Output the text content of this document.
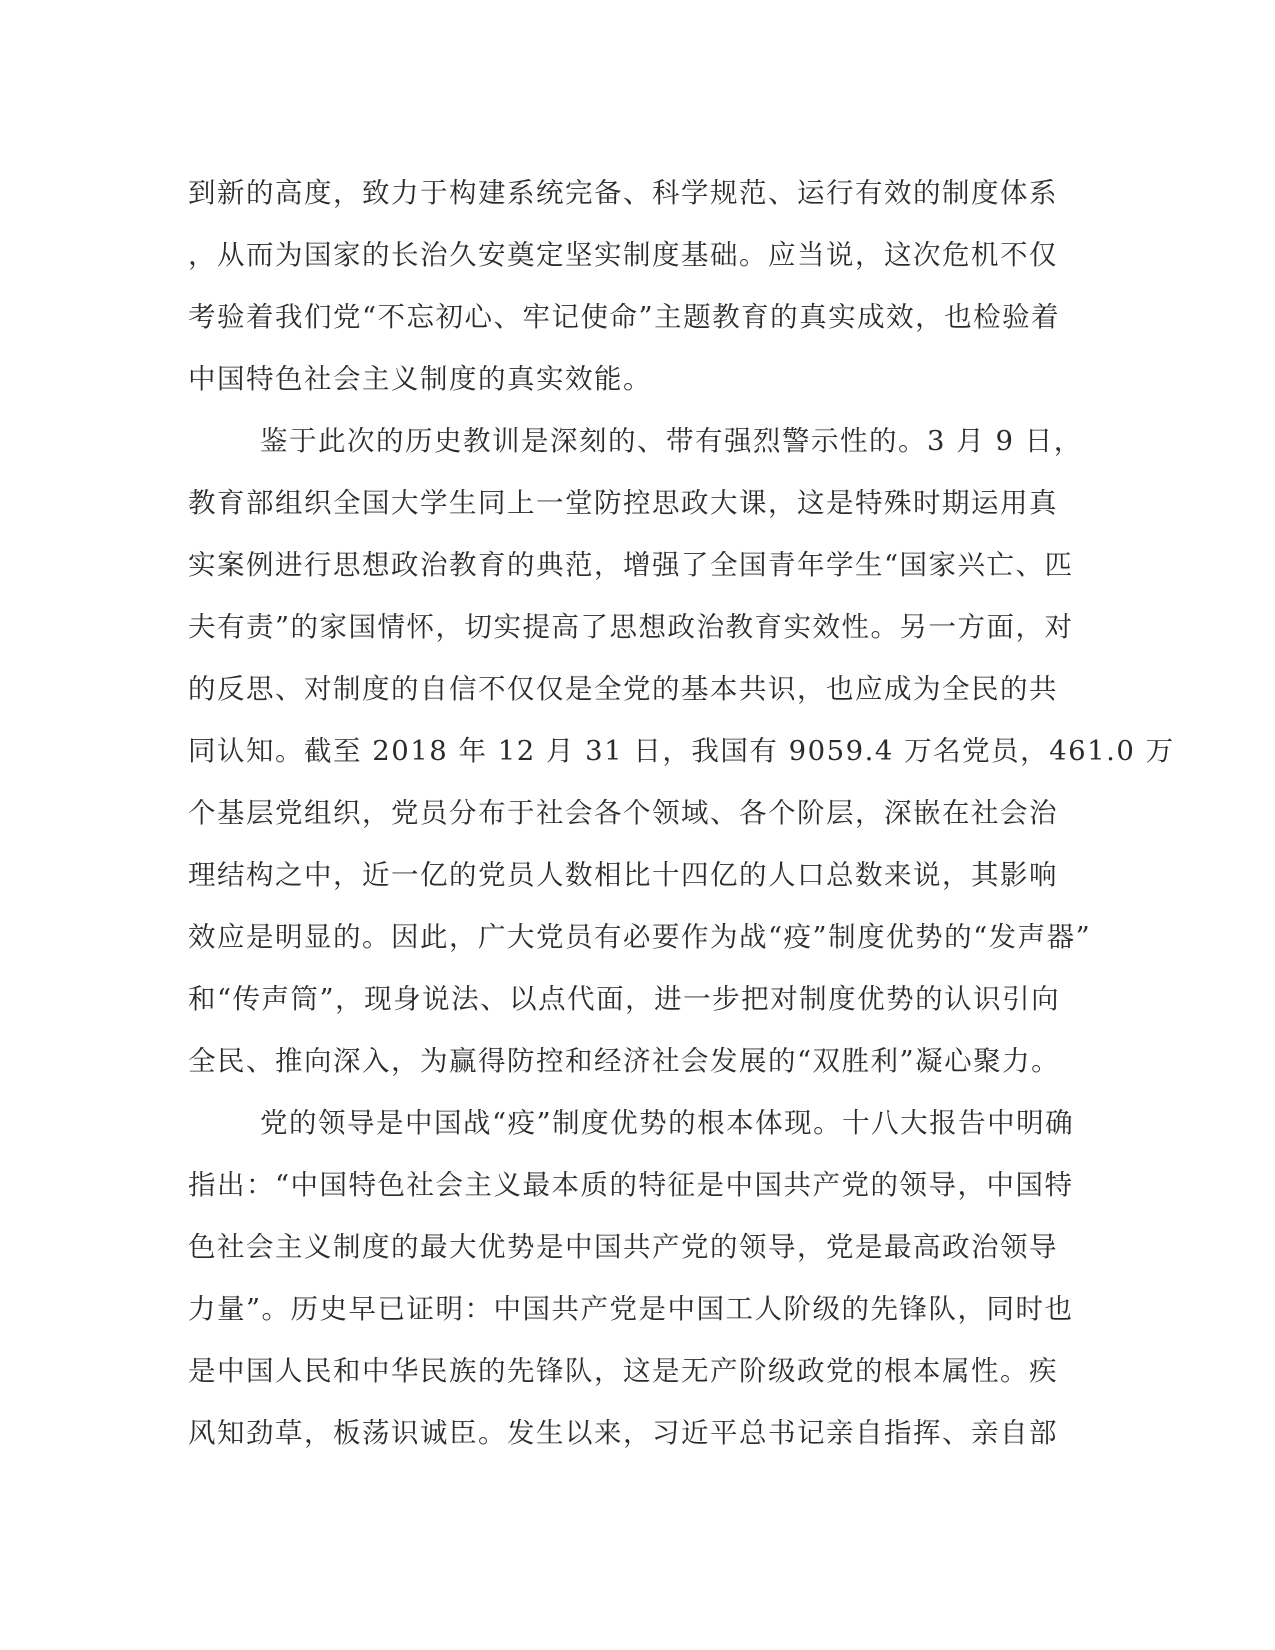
到新的高度，致力于构建系统完备、科学规范、运行有效的制度体系
，从而为国家的长治久安奠定坚实制度基础。应当说，这次危机不仅
考验着我们党“不忘初心、牢记使命”主题教育的真实成效，也检验着
中国特色社会主义制度的真实效能。
鉴于此次的历史教训是深刻的、带有强烈警示性的。3 月 9 日，
教育部组织全国大学生同上一堂防控思政大课，这是特殊时期运用真
实案例进行思想政治教育的典范，增强了全国青年学生“国家兴亡、匹
夫有责”的家国情怀，切实提高了思想政治教育实效性。另一方面，对
的反思、对制度的自信不仅仅是全党的基本共识，也应成为全民的共
同认知。截至 2018 年 12 月 31 日，我国有 9059.4 万名党员，461.0 万
个基层党组织，党员分布于社会各个领域、各个阶层，深嵌在社会治
理结构之中，近一亿的党员人数相比十四亿的人口总数来说，其影响
效应是明显的。因此，广大党员有必要作为战“疫”制度优势的“发声器”
和“传声筒”，现身说法、以点代面，进一步把对制度优势的认识引向
全民、推向深入，为赢得防控和经济社会发展的“双胜利”凝心聚力。
党的领导是中国战“疫”制度优势的根本体现。十八大报告中明确
指出：“中国特色社会主义最本质的特征是中国共产党的领导，中国特
色社会主义制度的最大优势是中国共产党的领导，党是最高政治领导
力量”。历史早已证明：中国共产党是中国工人阶级的先锋队，同时也
是中国人民和中华民族的先锋队，这是无产阶级政党的根本属性。疾
风知劲草，板荡识诚臣。发生以来，习近平总书记亲自指挥、亲自部
